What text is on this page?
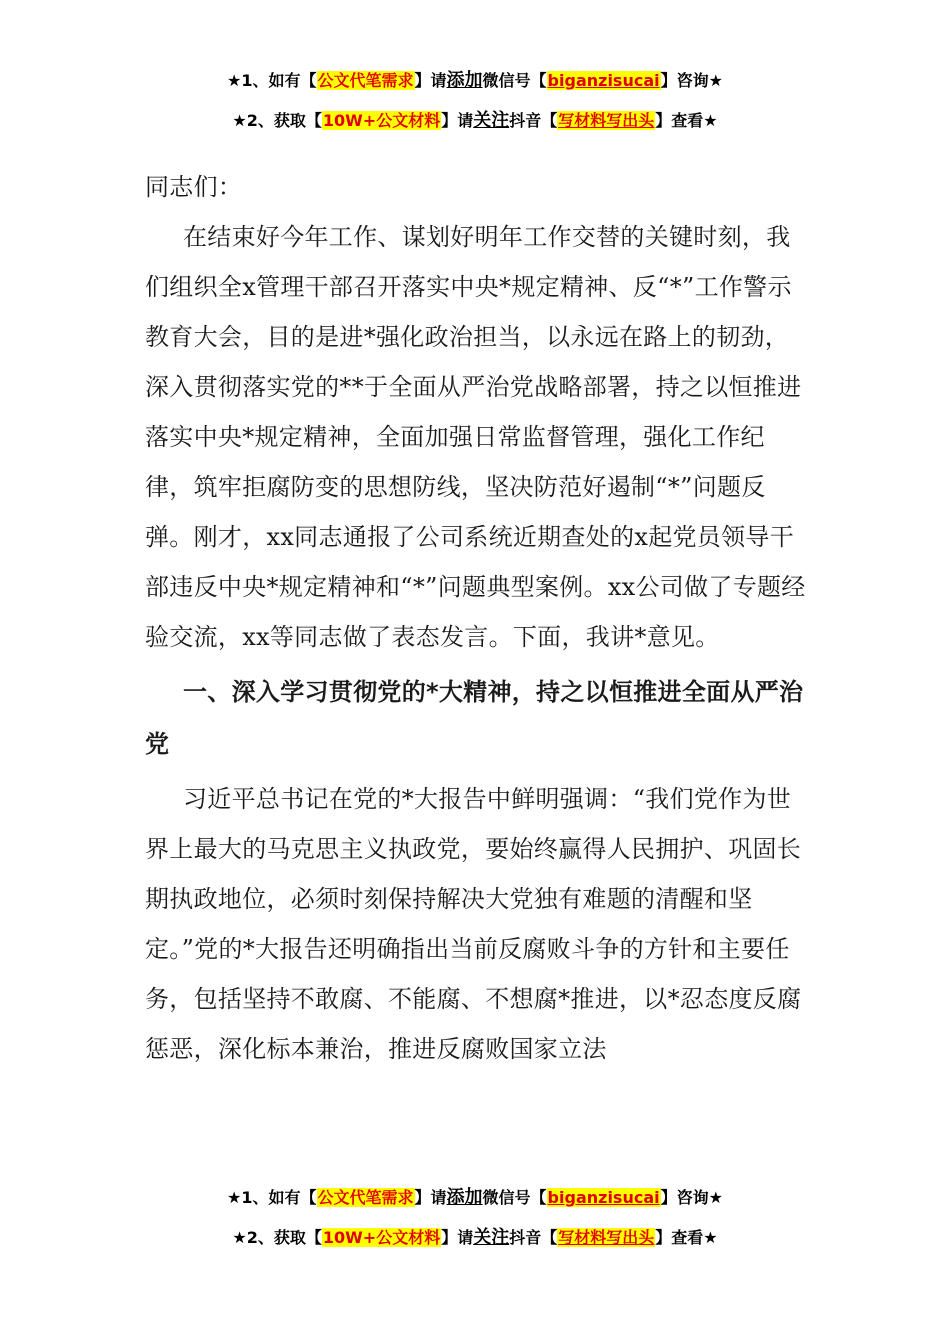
★1、如有【公文代笔需求】请添加微信号【biganzisucai】咨询★
★2、获取【10W+公文材料】请关注抖音【写材料写出头】查看★

同志们：

在结束好今年工作、谋划好明年工作交替的关键时刻，我们组织全x管理干部召开落实中央*规定精神、反“*”工作警示教育大会，目的是进*强化政治担当，以永远在路上的韧劲，深入贯彻落实党的**于全面从严治党战略部署，持之以恒推进落实中央*规定精神，全面加强日常监督管理，强化工作纪律，筑牢拒腐防变的思想防线，坚决防范好遏制“*”问题反弹。刚才，xx同志通报了公司系统近期查处的x起党员领导干部违反中央*规定精神和“*”问题典型案例。xx公司做了专题经验交流，xx等同志做了表态发言。下面，我讲*意见。

一、深入学习贯彻党的*大精神，持之以恒推进全面从严治党

习近平总书记在党的*大报告中鲜明强调：“我们党作为世界上最大的马克思主义执政党，要始终赢得人民拥护、巩固长期执政地位，必须时刻保持解决大党独有难题的清醒和坚定。”党的*大报告还明确指出当前反腐败斗争的方针和主要任务，包括坚持不敢腐、不能腐、不想腐*推进，以*忍态度反腐惩恶，深化标本兼治，推进反腐败国家立法

★1、如有【公文代笔需求】请添加微信号【biganzisucai】咨询★
★2、获取【10W+公文材料】请关注抖音【写材料写出头】查看★
